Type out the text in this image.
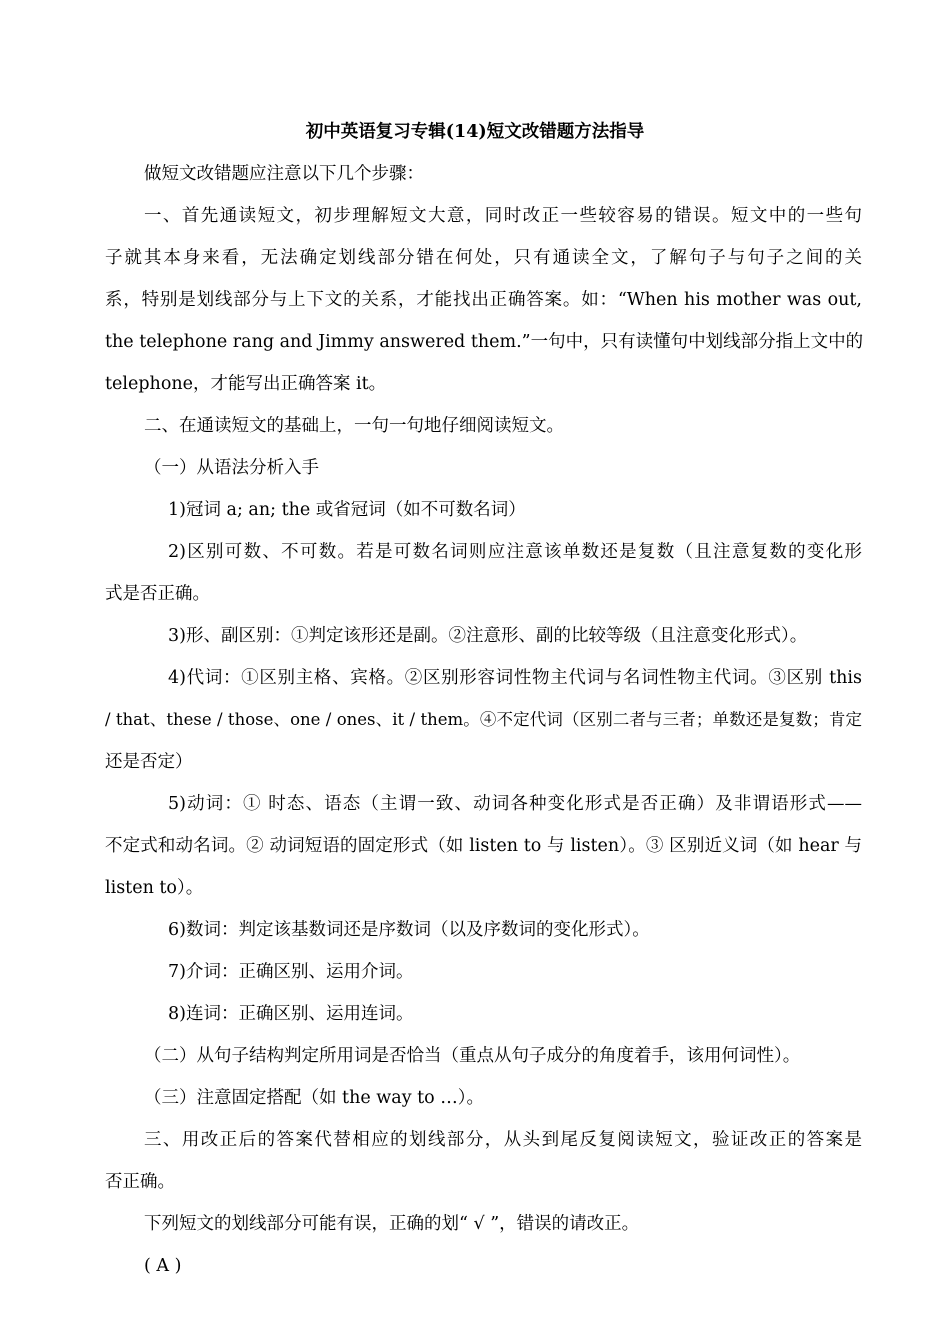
初中英语复习专辑(14)短文改错题方法指导
做短文改错题应注意以下几个步骤：
一、首先通读短文，初步理解短文大意，同时改正一些较容易的错误。短文中的一些句
子就其本身来看，无法确定划线部分错在何处，只有通读全文，了解句子与句子之间的关
系，特别是划线部分与上下文的关系，才能找出正确答案。如：“When his mother was out,
the telephone rang and Jimmy answered them.”一句中，只有读懂句中划线部分指上文中的
telephone，才能写出正确答案 it。
二、在通读短文的基础上，一句一句地仔细阅读短文。
（一）从语法分析入手
1)冠词 a; an; the 或省冠词（如不可数名词）
2)区别可数、不可数。若是可数名词则应注意该单数还是复数（且注意复数的变化形
式是否正确。
3)形、副区别：①判定该形还是副。②注意形、副的比较等级（且注意变化形式）。
4)代词：①区别主格、宾格。②区别形容词性物主代词与名词性物主代词。③区别 this
/ that、these / those、one / ones、it / them。④不定代词（区别二者与三者；单数还是复数；肯定
还是否定）
5)动词：① 时态、语态（主谓一致、动词各种变化形式是否正确）及非谓语形式——
不定式和动名词。② 动词短语的固定形式（如 listen to 与 listen）。③ 区别近义词（如 hear 与
listen to）。
6)数词：判定该基数词还是序数词（以及序数词的变化形式）。
7)介词：正确区别、运用介词。
8)连词：正确区别、运用连词。
（二）从句子结构判定所用词是否恰当（重点从句子成分的角度着手，该用何词性）。
（三）注意固定搭配（如 the way to …）。
三、用改正后的答案代替相应的划线部分，从头到尾反复阅读短文，验证改正的答案是
否正确。
下列短文的划线部分可能有误，正确的划“ √ ”，错误的请改正。
( A )
